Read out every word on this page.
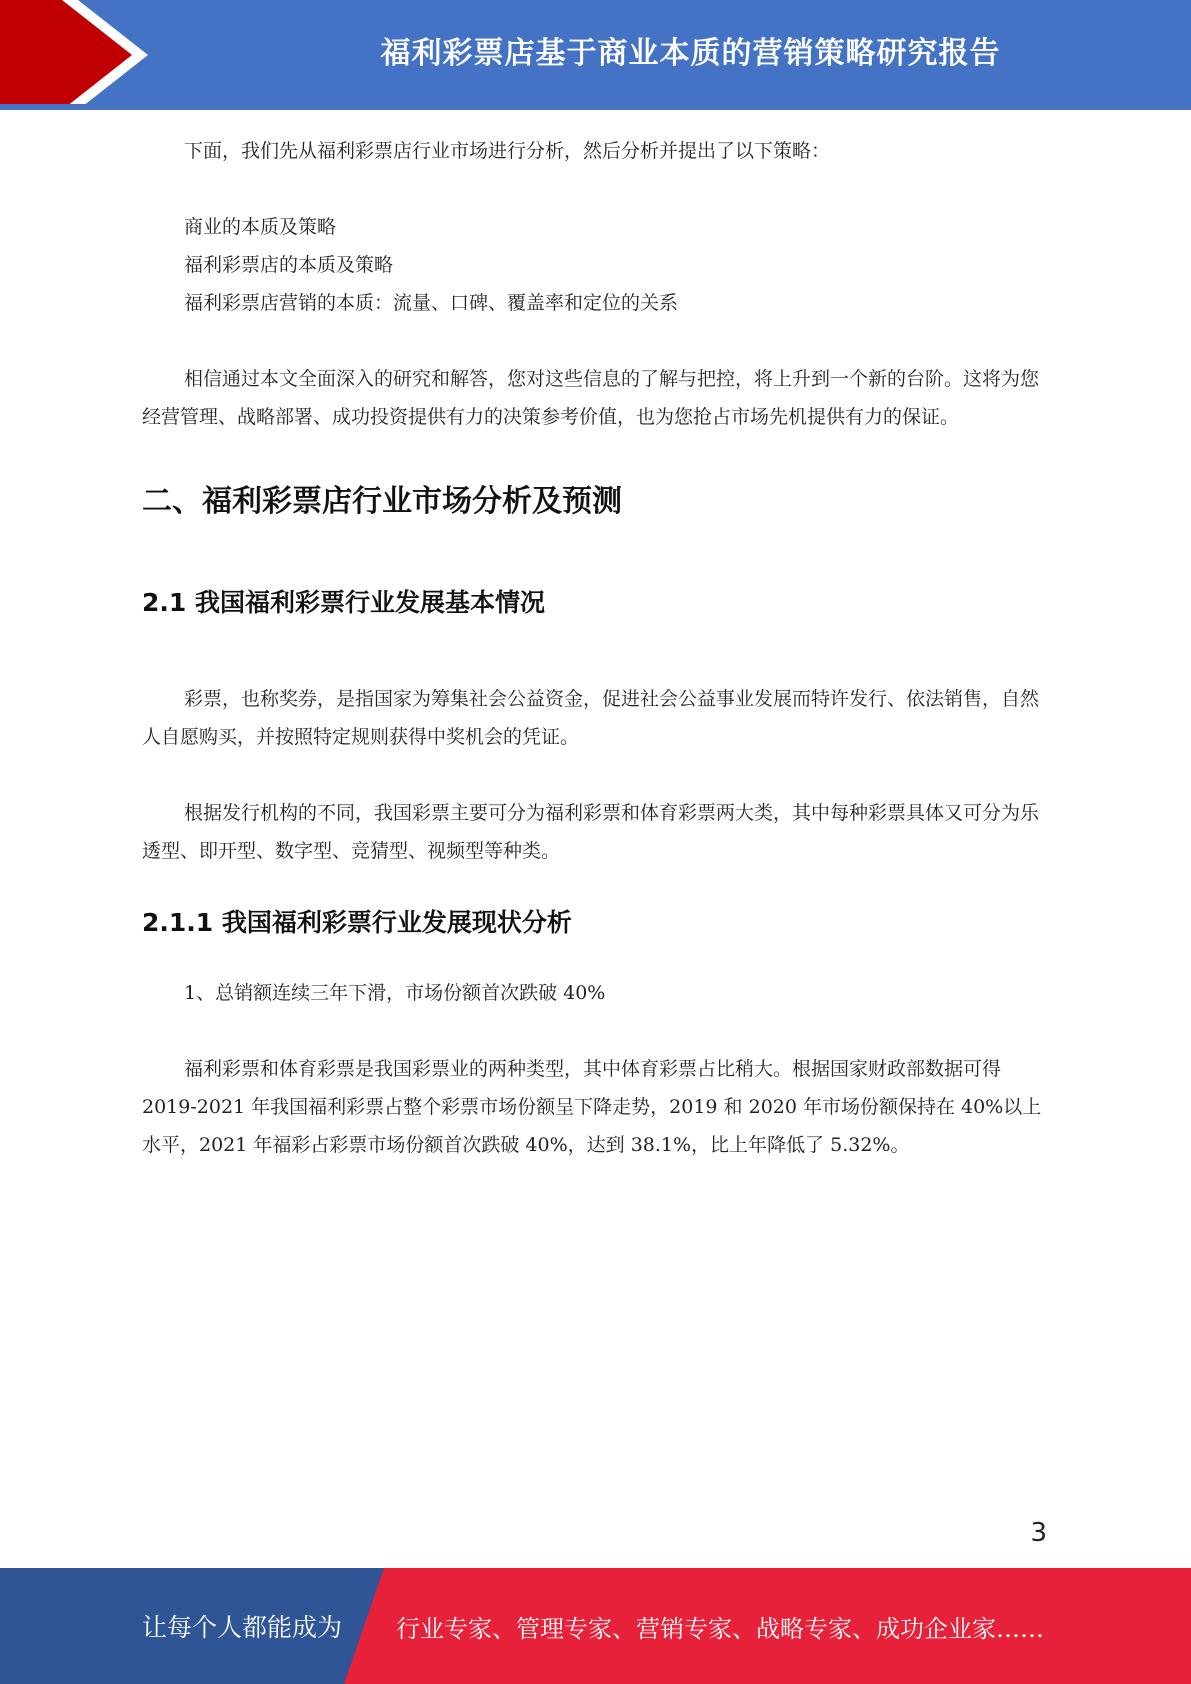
福利彩票店基于商业本质的营销策略研究报告

下面，我们先从福利彩票店行业市场进行分析，然后分析并提出了以下策略：

商业的本质及策略

福利彩票店的本质及策略

福利彩票店营销的本质：流量、口碑、覆盖率和定位的关系

相信通过本文全面深入的研究和解答，您对这些信息的了解与把控，将上升到一个新的台阶。这将为您经营管理、战略部署、成功投资提供有力的决策参考价值，也为您抢占市场先机提供有力的保证。

二、福利彩票店行业市场分析及预测
2.1 我国福利彩票行业发展基本情况

彩票，也称奖券，是指国家为筹集社会公益资金，促进社会公益事业发展而特许发行、依法销售，自然人自愿购买，并按照特定规则获得中奖机会的凭证。

根据发行机构的不同，我国彩票主要可分为福利彩票和体育彩票两大类，其中每种彩票具体又可分为乐透型、即开型、数字型、竞猜型、视频型等种类。

2.1.1 我国福利彩票行业发展现状分析

1、总销额连续三年下滑，市场份额首次跌破 40%

福利彩票和体育彩票是我国彩票业的两种类型，其中体育彩票占比稍大。根据国家财政部数据可得 2019-2021 年我国福利彩票占整个彩票市场份额呈下降走势，2019 和 2020 年市场份额保持在 40%以上水平，2021 年福彩占彩票市场份额首次跌破 40%，达到 38.1%，比上年降低了 5.32%。

3
让每个人都能成为 行业专家、管理专家、营销专家、战略专家、成功企业家……
